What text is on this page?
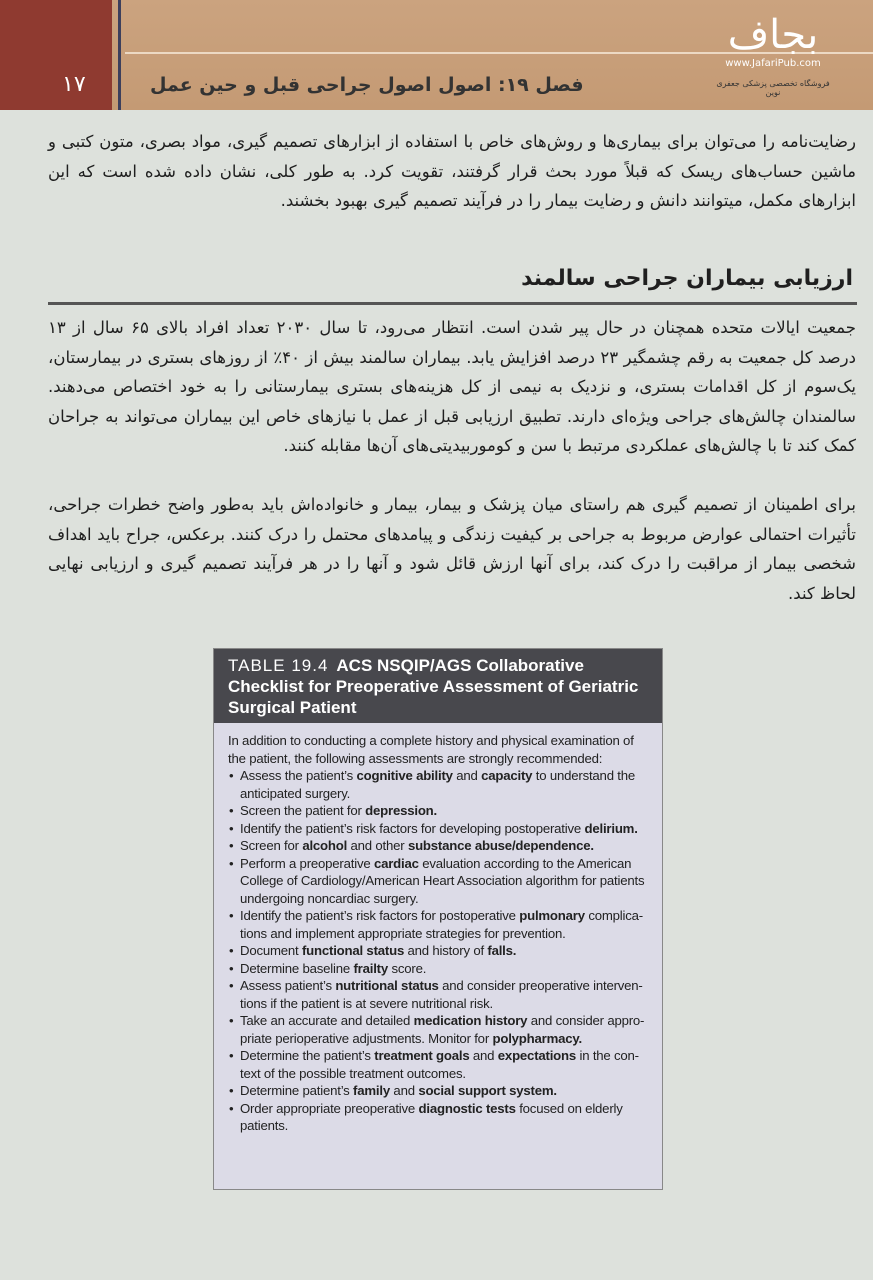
۱۷	فصل ۱۹: اصول اصول جراحی قبل و حین عمل
بجاف
www.JafariPub.com
فروشگاه تخصصی پزشکی جعفری نوین

رضایت‌نامه را می‌توان برای بیماری‌ها و روش‌های خاص با استفاده از ابزارهای تصمیم گیری، مواد بصری، متون کتبی و ماشین حساب‌های ریسک که قبلاً مورد بحث قرار گرفتند، تقویت کرد. به طور کلی، نشان داده شده است که این ابزارهای مکمل، میتوانند دانش و رضایت بیمار را در فرآیند تصمیم گیری بهبود بخشند.

ارزیابی بیماران جراحی سالمند

جمعیت ایالات متحده همچنان در حال پیر شدن است. انتظار می‌رود، تا سال ۲۰۳۰ تعداد افراد بالای ۶۵ سال از ۱۳ درصد کل جمعیت به رقم چشمگیر ۲۳ درصد افزایش یابد. بیماران سالمند بیش از ۴۰٪ از روزهای بستری در بیمارستان، یک‌سوم از کل اقدامات بستری، و نزدیک به نیمی از کل هزینه‌های بستری بیمارستانی را به خود اختصاص می‌دهند. سالمندان چالش‌های جراحی ویژه‌ای دارند. تطبیق ارزیابی قبل از عمل با نیازهای خاص این بیماران می‌تواند به جراحان کمک کند تا با چالش‌های عملکردی مرتبط با سن و کوموربیدیتی‌های آن‌ها مقابله کنند.

برای اطمینان از تصمیم گیری هم راستای میان پزشک و بیمار، بیمار و خانواده‌اش باید به‌طور واضح خطرات جراحی، تأثیرات احتمالی عوارض مربوط به جراحی بر کیفیت زندگی و پیامدهای محتمل را درک کنند. برعکس، جراح باید اهداف شخصی بیمار از مراقبت را درک کند، برای آنها ارزش قائل شود و آنها را در هر فرآیند تصمیم گیری و ارزیابی نهایی لحاظ کند.

TABLE 19.4 ACS NSQIP/AGS Collaborative Checklist for Preoperative Assessment of Geriatric Surgical Patient

In addition to conducting a complete history and physical examination of the patient, the following assessments are strongly recommended:

• Assess the patient’s cognitive ability and capacity to understand the anticipated surgery.
• Screen the patient for depression.
• Identify the patient’s risk factors for developing postoperative delirium.
• Screen for alcohol and other substance abuse/dependence.
• Perform a preoperative cardiac evaluation according to the American College of Cardiology/American Heart Association algorithm for patients undergoing noncardiac surgery.
• Identify the patient’s risk factors for postoperative pulmonary complica-tions and implement appropriate strategies for prevention.
• Document functional status and history of falls.
• Determine baseline frailty score.
• Assess patient’s nutritional status and consider preoperative interven-tions if the patient is at severe nutritional risk.
• Take an accurate and detailed medication history and consider appro-priate perioperative adjustments. Monitor for polypharmacy.
• Determine the patient’s treatment goals and expectations in the con-text of the possible treatment outcomes.
• Determine patient’s family and social support system.
• Order appropriate preoperative diagnostic tests focused on elderly patients.
